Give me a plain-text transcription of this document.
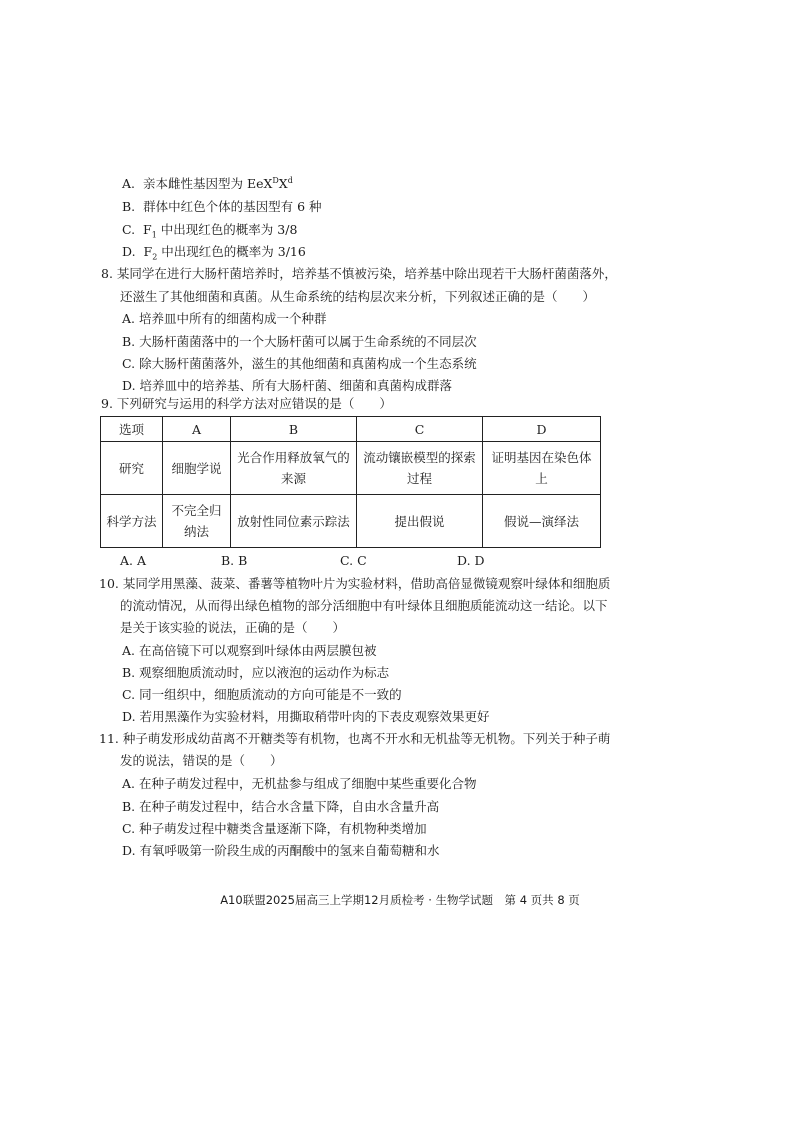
A. 亲本雌性基因型为 $EeX^DX^d$
B. 群体中红色个体的基因型有 6 种
C. $F_1$ 中出现红色的概率为 3/8
D. $F_2$ 中出现红色的概率为 3/16
8. 某同学在进行大肠杆菌培养时，培养基不慎被污染，培养基中除出现若干大肠杆菌菌落外，
还滋生了其他细菌和真菌。从生命系统的结构层次来分析，下列叙述正确的是（　　）
A. 培养皿中所有的细菌构成一个种群
B. 大肠杆菌菌落中的一个大肠杆菌可以属于生命系统的不同层次
C. 除大肠杆菌菌落外，滋生的其他细菌和真菌构成一个生态系统
D. 培养皿中的培养基、所有大肠杆菌、细菌和真菌构成群落
9. 下列研究与运用的科学方法对应错误的是（　　）
选项	A	B	C	D
研究	细胞学说	光合作用释放氧气的来源	流动镶嵌模型的探索过程	证明基因在染色体上
科学方法	不完全归纳法	放射性同位素示踪法	提出假说	假说—演绎法
A. A	B. B	C. C	D. D
10. 某同学用黑藻、菠菜、番薯等植物叶片为实验材料，借助高倍显微镜观察叶绿体和细胞质
的流动情况，从而得出绿色植物的部分活细胞中有叶绿体且细胞质能流动这一结论。以下
是关于该实验的说法，正确的是（　　）
A. 在高倍镜下可以观察到叶绿体由两层膜包被
B. 观察细胞质流动时，应以液泡的运动作为标志
C. 同一组织中，细胞质流动的方向可能是不一致的
D. 若用黑藻作为实验材料，用撕取稍带叶肉的下表皮观察效果更好
11. 种子萌发形成幼苗离不开糖类等有机物，也离不开水和无机盐等无机物。下列关于种子萌
发的说法，错误的是（　　）
A. 在种子萌发过程中，无机盐参与组成了细胞中某些重要化合物
B. 在种子萌发过程中，结合水含量下降，自由水含量升高
C. 种子萌发过程中糖类含量逐渐下降，有机物种类增加
D. 有氧呼吸第一阶段生成的丙酮酸中的氢来自葡萄糖和水
A10联盟2025届高三上学期12月质检考 · 生物学试题　第 4 页共 8 页
